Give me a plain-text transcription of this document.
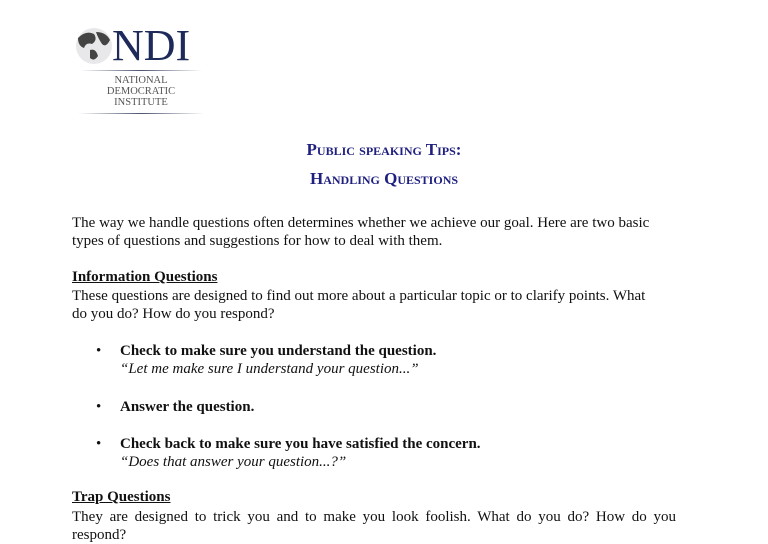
NDI
NATIONAL
DEMOCRATIC
INSTITUTE
Public speaking Tips:
Handling Questions
The way we handle questions often determines whether we achieve our goal. Here are two basic
types of questions and suggestions for how to deal with them.
Information Questions
These questions are designed to find out more about a particular topic or to clarify points. What
do you do? How do you respond?
• Check to make sure you understand the question.
“Let me make sure I understand your question...”
• Answer the question.
• Check back to make sure you have satisfied the concern.
“Does that answer your question...?”
Trap Questions
They are designed to trick you and to make you look foolish. What do you do? How do you
respond?
